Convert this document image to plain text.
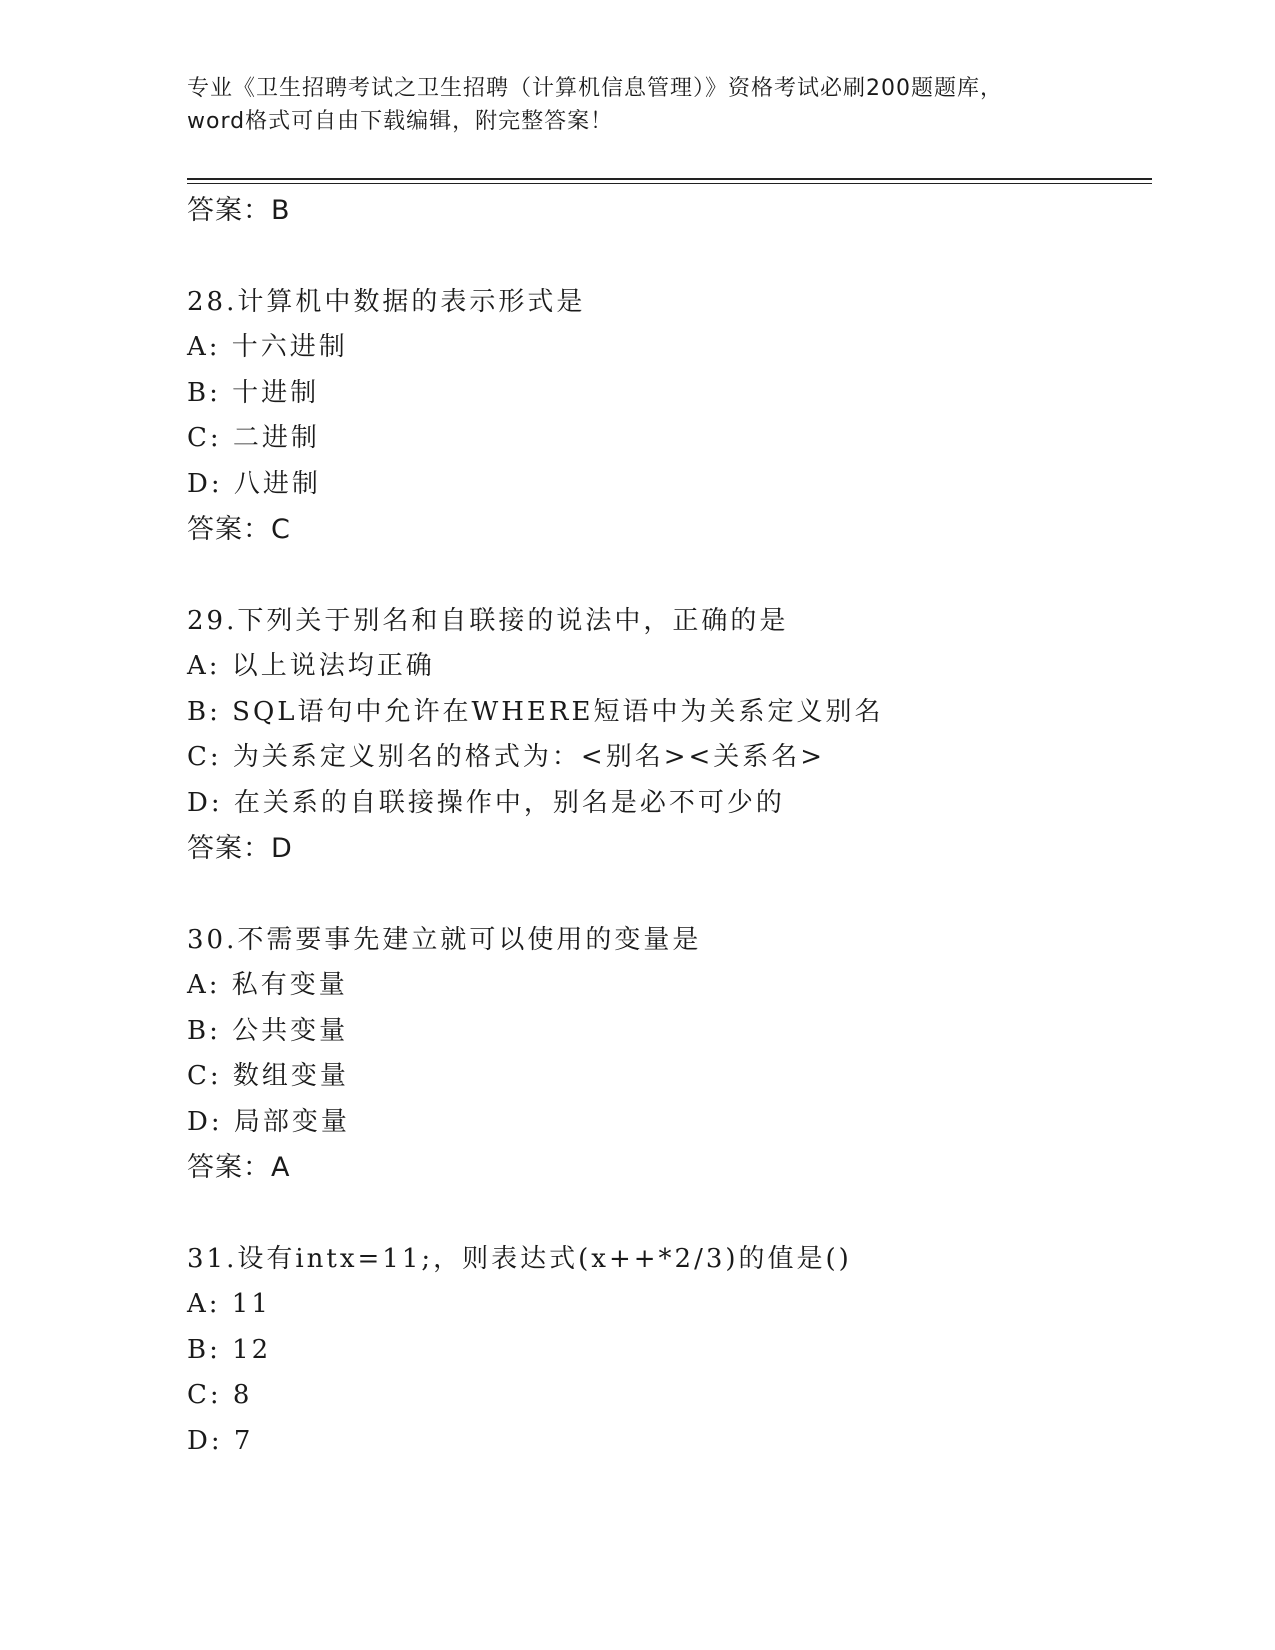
专业《卫生招聘考试之卫生招聘（计算机信息管理）》资格考试必刷200题题库，
word格式可自由下载编辑，附完整答案！
答案：B
28.计算机中数据的表示形式是
A: 十六进制
B: 十进制
C: 二进制
D: 八进制
答案：C
29.下列关于别名和自联接的说法中，正确的是
A: 以上说法均正确
B: SQL语句中允许在WHERE短语中为关系定义别名
C: 为关系定义别名的格式为：<别名><关系名>
D: 在关系的自联接操作中，别名是必不可少的
答案：D
30.不需要事先建立就可以使用的变量是
A: 私有变量
B: 公共变量
C: 数组变量
D: 局部变量
答案：A
31.设有intx=11;，则表达式(x++*2/3)的值是()
A: 11
B: 12
C: 8
D: 7
